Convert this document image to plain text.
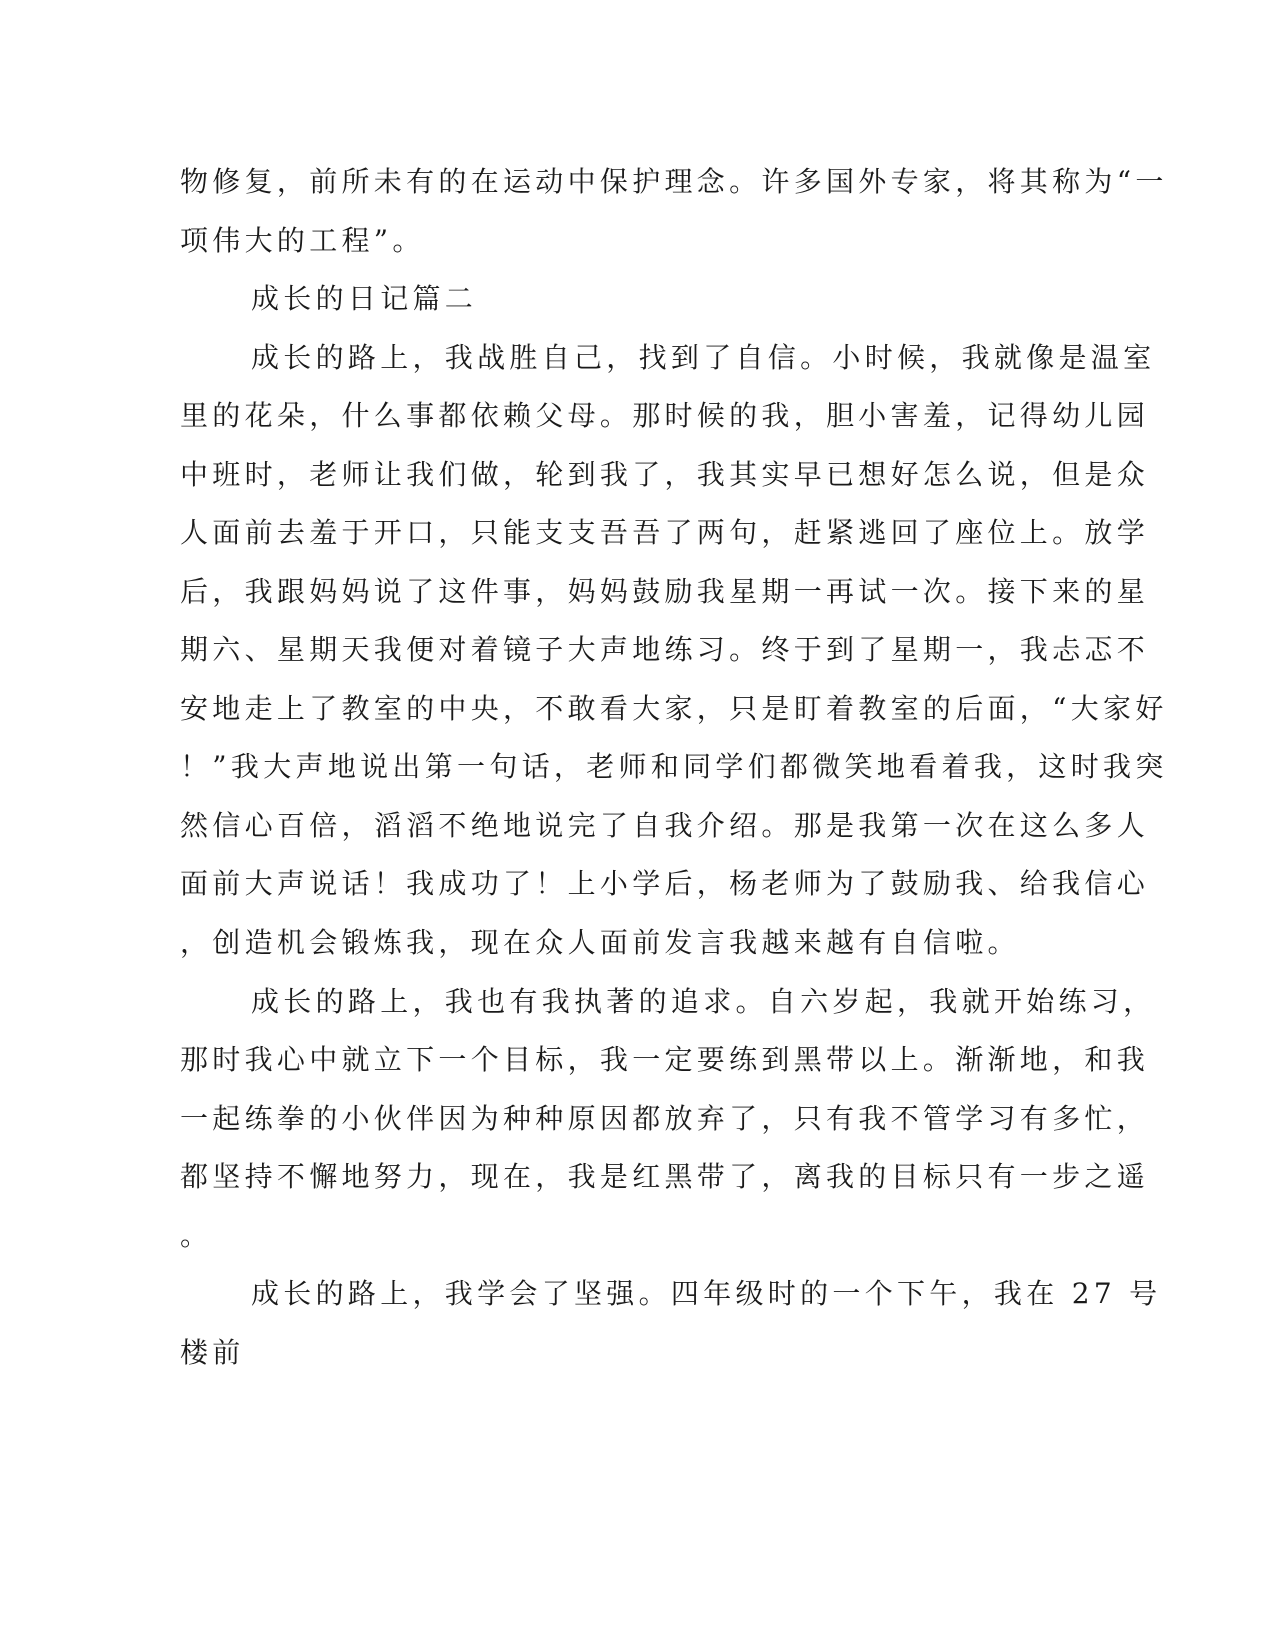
物修复，前所未有的在运动中保护理念。许多国外专家，将其称为“一
项伟大的工程”。
成长的日记篇二
成长的路上，我战胜自己，找到了自信。小时候，我就像是温室
里的花朵，什么事都依赖父母。那时候的我，胆小害羞，记得幼儿园
中班时，老师让我们做，轮到我了，我其实早已想好怎么说，但是众
人面前去羞于开口，只能支支吾吾了两句，赶紧逃回了座位上。放学
后，我跟妈妈说了这件事，妈妈鼓励我星期一再试一次。接下来的星
期六、星期天我便对着镜子大声地练习。终于到了星期一，我忐忑不
安地走上了教室的中央，不敢看大家，只是盯着教室的后面，“大家好
！”我大声地说出第一句话，老师和同学们都微笑地看着我，这时我突
然信心百倍，滔滔不绝地说完了自我介绍。那是我第一次在这么多人
面前大声说话！我成功了！上小学后，杨老师为了鼓励我、给我信心
，创造机会锻炼我，现在众人面前发言我越来越有自信啦。
成长的路上，我也有我执著的追求。自六岁起，我就开始练习，
那时我心中就立下一个目标，我一定要练到黑带以上。渐渐地，和我
一起练拳的小伙伴因为种种原因都放弃了，只有我不管学习有多忙，
都坚持不懈地努力，现在，我是红黑带了，离我的目标只有一步之遥
。
成长的路上，我学会了坚强。四年级时的一个下午，我在 27 号
楼前
